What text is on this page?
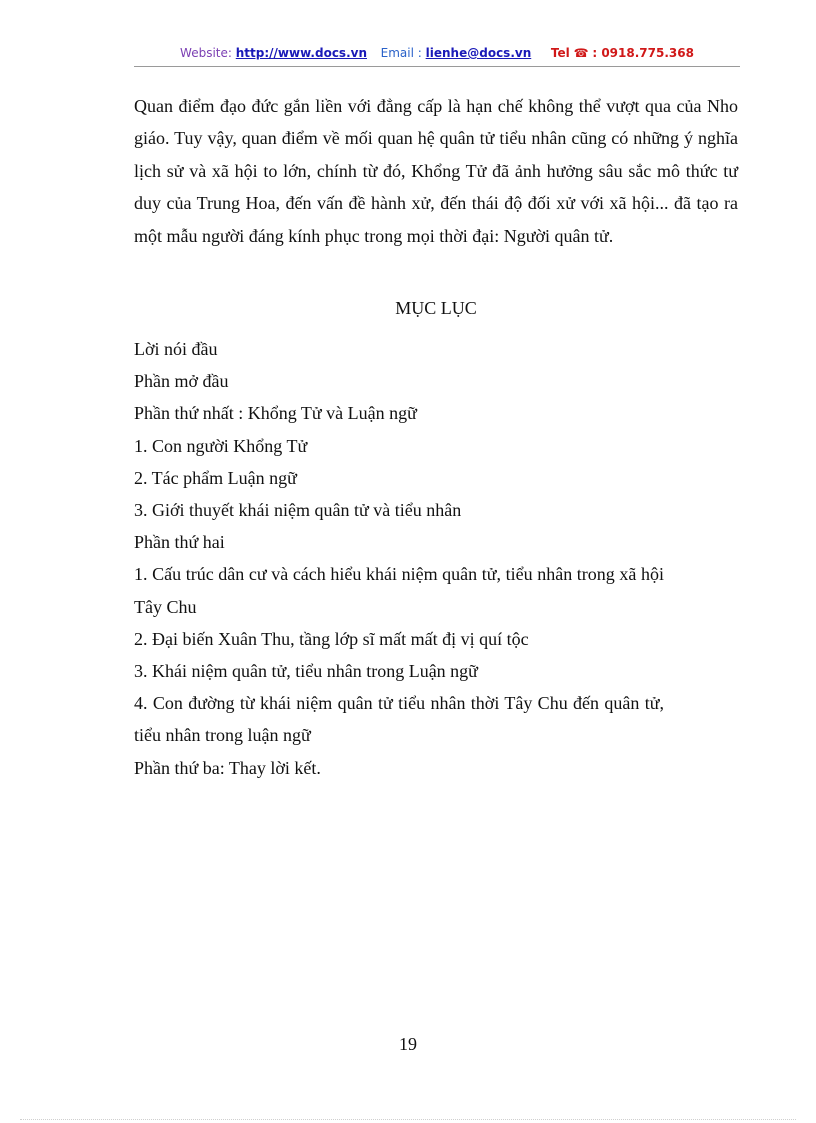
Website: http://www.docs.vn Email : lienhe@docs.vn Tel ☎ : 0918.775.368

Quan điểm đạo đức gắn liền với đẳng cấp là hạn chế không thể vượt qua của Nho giáo. Tuy vậy, quan điểm về mối quan hệ quân tử tiểu nhân cũng có những ý nghĩa lịch sử và xã hội to lớn, chính từ đó, Khổng Tử đã ảnh hưởng sâu sắc mô thức tư duy của Trung Hoa, đến vấn đề hành xử, đến thái độ đối xử với xã hội... đã tạo ra một mẫu người đáng kính phục trong mọi thời đại: Người quân tử.

MỤC LỤC
Lời nói đầu
Phần mở đầu
Phần thứ nhất : Khổng Tử và Luận ngữ
1. Con người Khổng Tử
2. Tác phẩm Luận ngữ
3. Giới thuyết khái niệm quân tử và tiểu nhân
Phần thứ hai
1. Cấu trúc dân cư và cách hiểu khái niệm quân tử, tiểu nhân trong xã hội Tây Chu
2. Đại biến Xuân Thu, tầng lớp sĩ mất mất đị vị quí tộc
3. Khái niệm quân tử, tiểu nhân trong Luận ngữ
4. Con đường từ khái niệm quân tử tiểu nhân thời Tây Chu đến quân tử, tiểu nhân trong luận ngữ
Phần thứ ba: Thay lời kết.
19
